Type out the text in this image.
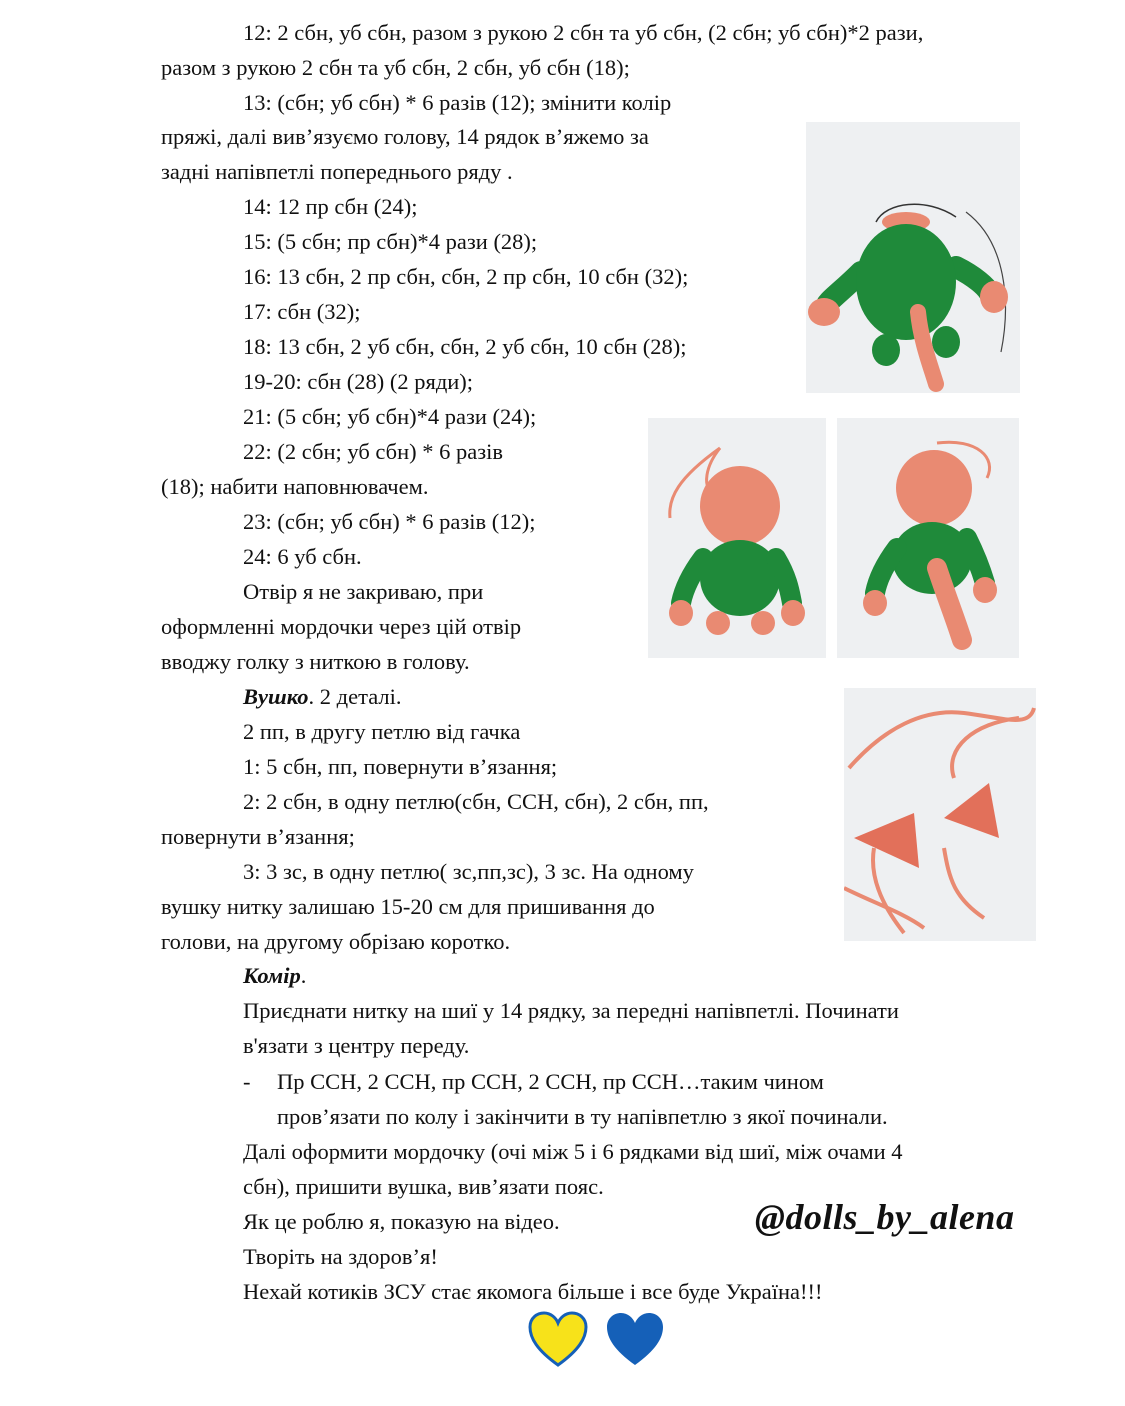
12: 2 сбн, уб сбн, разом з рукою 2 сбн та уб сбн, (2 сбн; уб сбн)*2 рази,
разом з рукою 2 сбн та уб сбн, 2 сбн, уб сбн (18);
13: (сбн; уб сбн) * 6 разів (12); змінити колір
пряжі, далі вив’язуємо голову, 14 рядок в’яжемо за
задні напівпетлі попереднього ряду .
14: 12 пр сбн (24);
15: (5 сбн; пр сбн)*4 рази (28);
16: 13 сбн, 2 пр сбн, сбн, 2 пр сбн, 10 сбн (32);
17: сбн (32);
18: 13 сбн, 2 уб сбн, сбн, 2 уб сбн, 10 сбн (28);
19-20: сбн (28) (2 ряди);
21: (5 сбн; уб сбн)*4 рази (24);
22: (2 сбн; уб сбн) * 6 разів
(18); набити наповнювачем.
23: (сбн; уб сбн) * 6 разів (12);
24: 6 уб сбн.
Отвір я не закриваю, при
оформленні мордочки через цій отвір
вводжу голку з ниткою в голову.
Вушко. 2 деталі.
2 пп, в другу петлю від гачка
1: 5 сбн, пп, повернути в’язання;
2: 2 сбн, в одну петлю(сбн, ССН, сбн), 2 сбн, пп,
повернути в’язання;
3: 3 зс, в одну петлю( зс,пп,зс), 3 зс. На одному
вушку нитку залишаю 15-20 см для пришивання до
голови, на другому обрізаю коротко.
Комір.
Приєднати нитку на шиї у 14 рядку, за передні напівпетлі. Починати
в'язати з центру переду.
- Пр ССН, 2 ССН, пр ССН, 2 ССН, пр ССН…таким чином
пров’язати по колу і закінчити в ту напівпетлю з якої починали.
Далі оформити мордочку (очі між 5 і 6 рядками від шиї, між очами 4
сбн), пришити вушка, вив’язати пояс.
Як це роблю я, показую на відео.
Творіть на здоров’я!
Нехай котиків ЗСУ стає якомога більше і все буде Україна!!!
@dolls_by_alena
